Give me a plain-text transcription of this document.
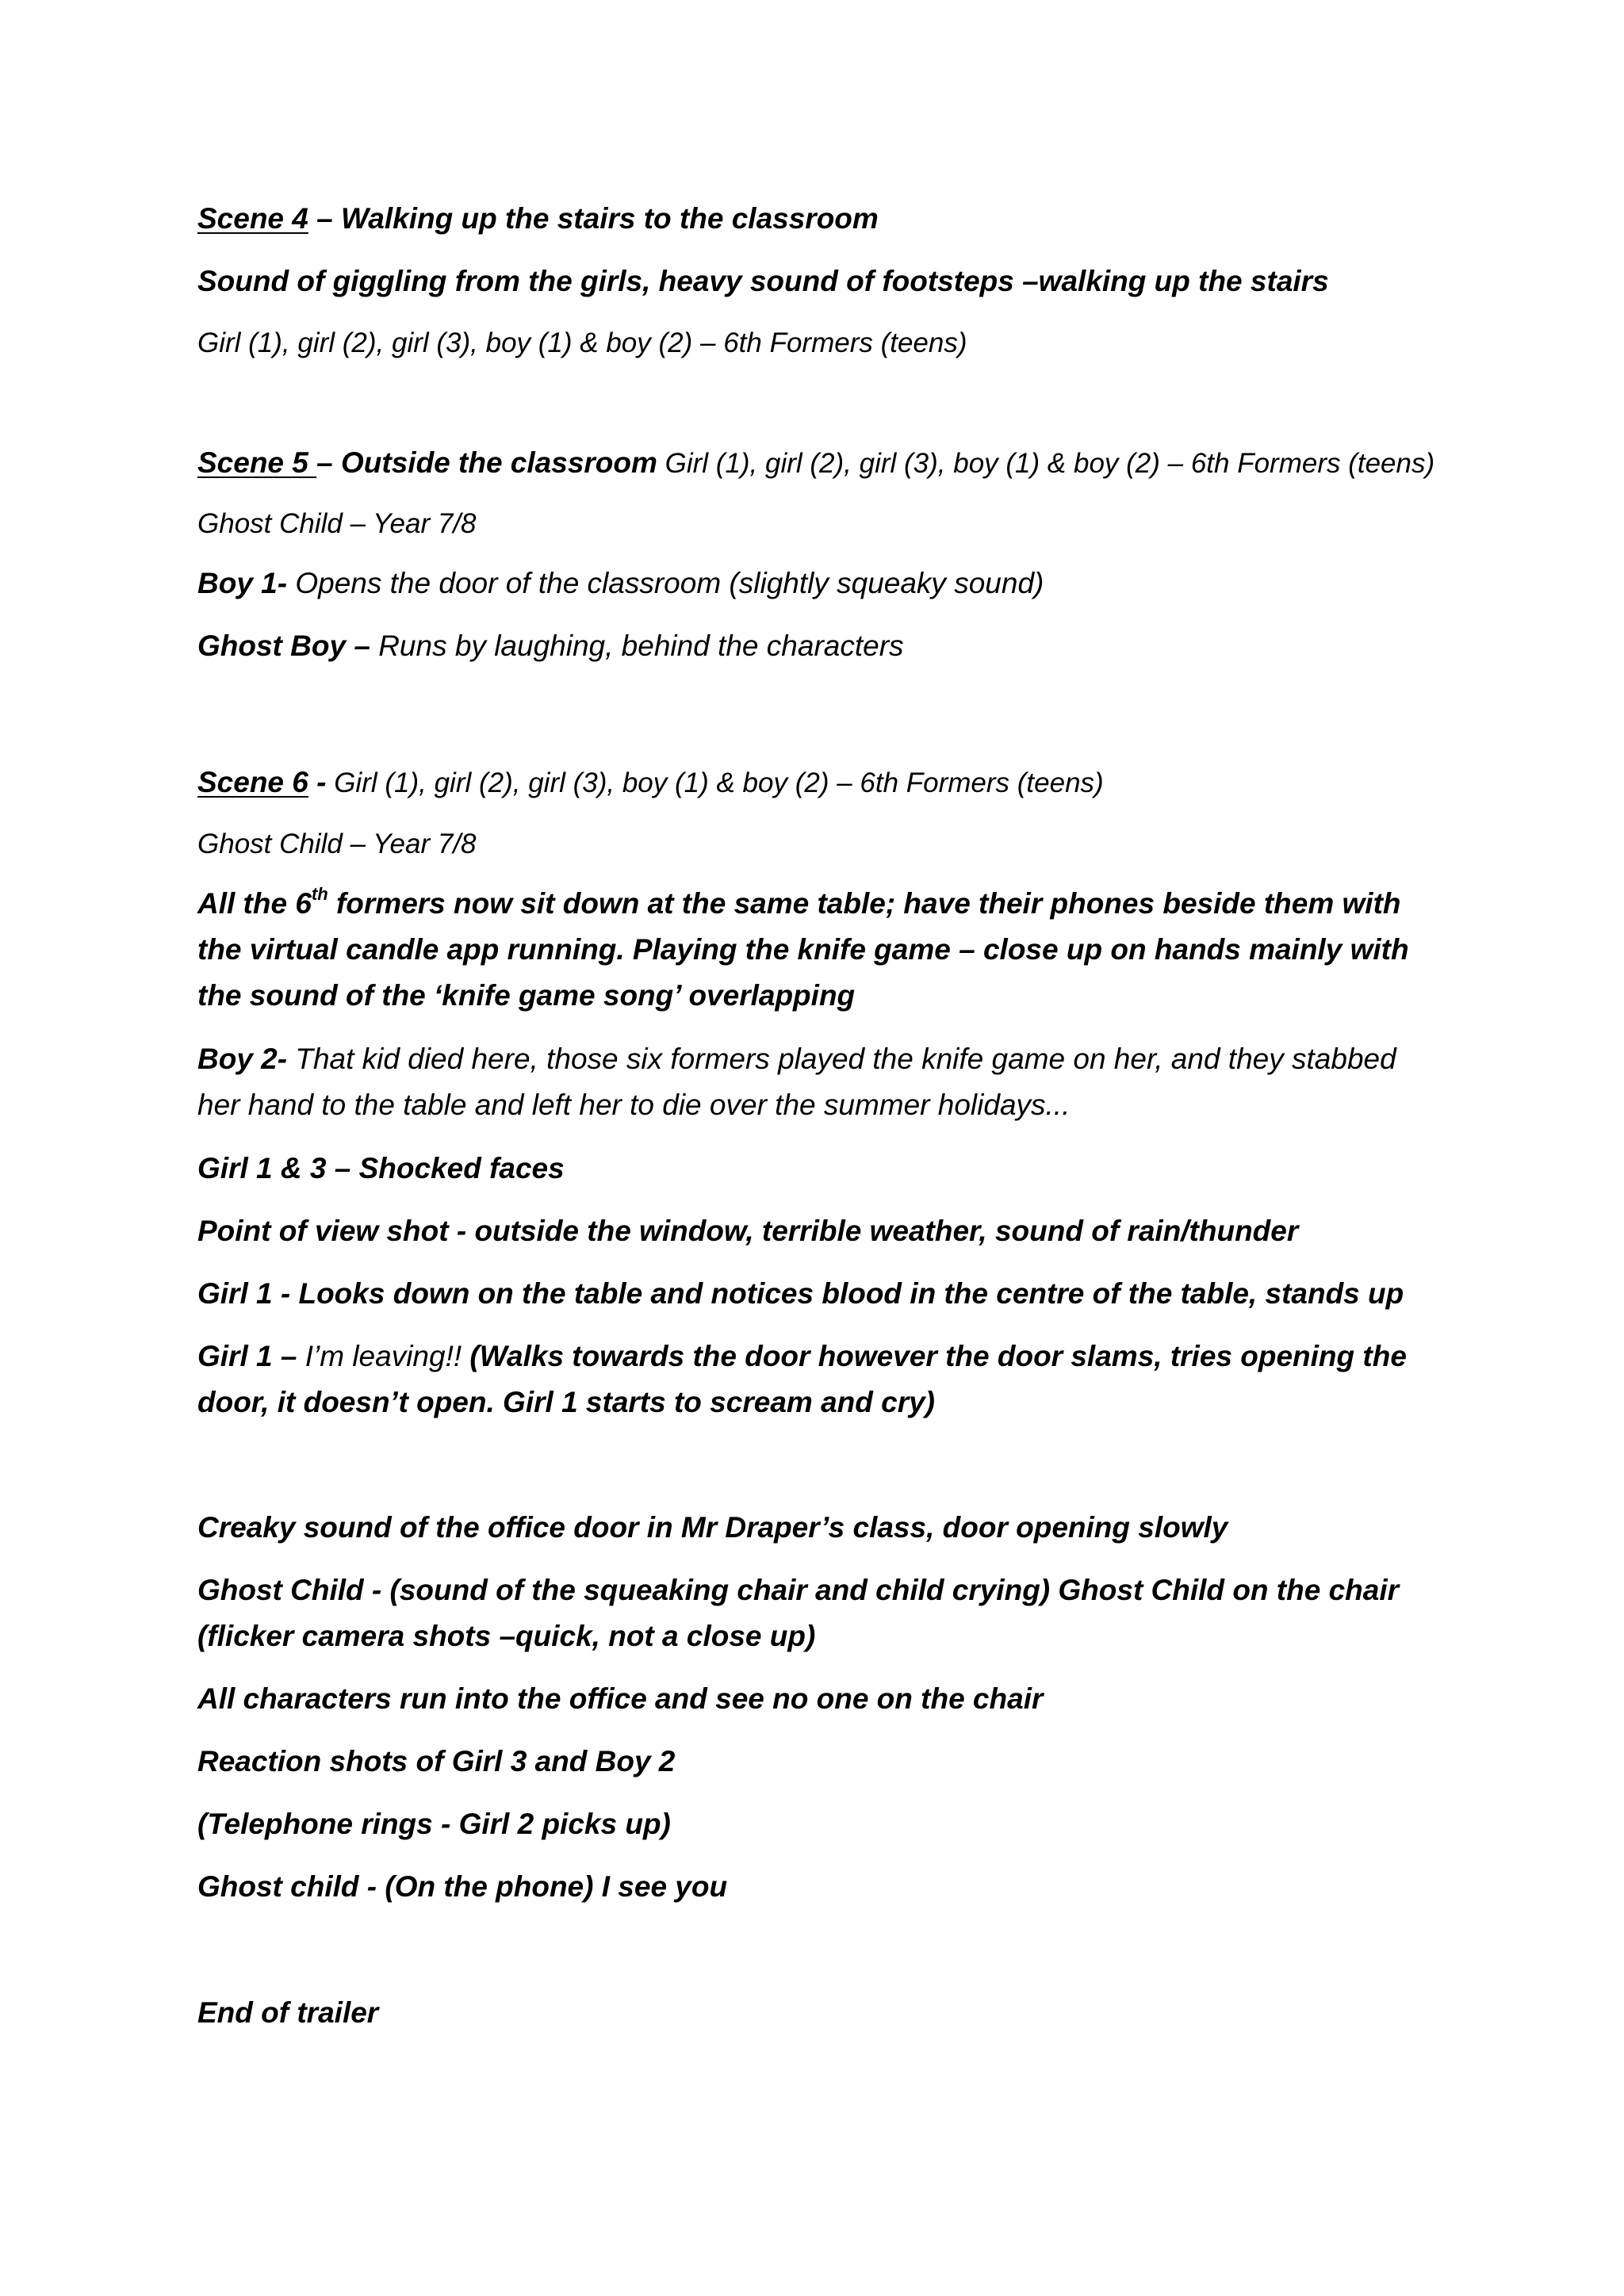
Scene 4 – Walking up the stairs to the classroom
Sound of giggling from the girls, heavy sound of footsteps –walking up the stairs
Girl (1), girl (2), girl (3), boy (1) & boy (2) – 6th Formers (teens)
Scene 5 – Outside the classroom Girl (1), girl (2), girl (3), boy (1) & boy (2) – 6th Formers (teens)
Ghost Child – Year 7/8
Boy 1- Opens the door of the classroom (slightly squeaky sound)
Ghost Boy – Runs by laughing, behind the characters
Scene 6 - Girl (1), girl (2), girl (3), boy (1) & boy (2) – 6th Formers (teens)
Ghost Child – Year 7/8
All the 6th formers now sit down at the same table; have their phones beside them with
the virtual candle app running. Playing the knife game – close up on hands mainly with
the sound of the ‘knife game song’ overlapping
Boy 2- That kid died here, those six formers played the knife game on her, and they stabbed
her hand to the table and left her to die over the summer holidays...
Girl 1 & 3 – Shocked faces
Point of view shot - outside the window, terrible weather, sound of rain/thunder
Girl 1 - Looks down on the table and notices blood in the centre of the table, stands up
Girl 1 – I’m leaving!! (Walks towards the door however the door slams, tries opening the
door, it doesn’t open. Girl 1 starts to scream and cry)
Creaky sound of the office door in Mr Draper’s class, door opening slowly
Ghost Child - (sound of the squeaking chair and child crying) Ghost Child on the chair
(flicker camera shots –quick, not a close up)
All characters run into the office and see no one on the chair
Reaction shots of Girl 3 and Boy 2
(Telephone rings - Girl 2 picks up)
Ghost child - (On the phone) I see you
End of trailer
